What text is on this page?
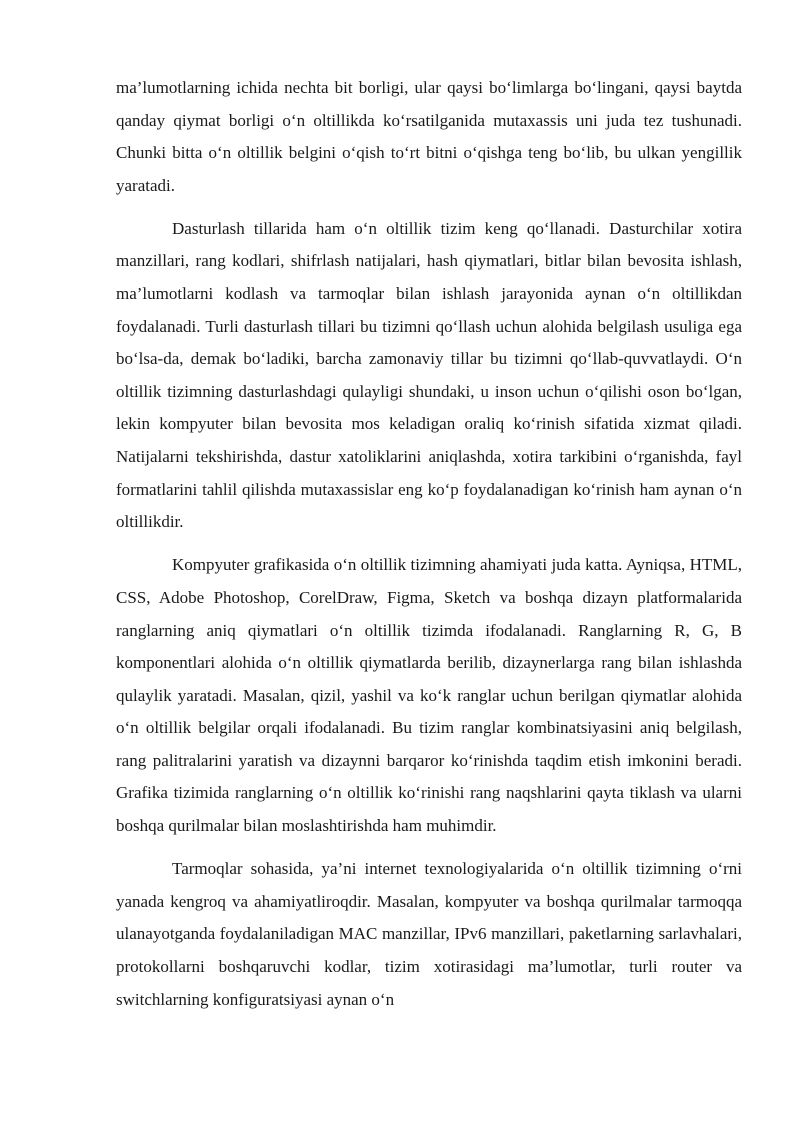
ma’lumotlarning ichida nechta bit borligi, ular qaysi bo‘limlarga bo‘lingani, qaysi baytda qanday qiymat borligi o‘n oltillikda ko‘rsatilganida mutaxassis uni juda tez tushunadi. Chunki bitta o‘n oltillik belgini o‘qish to‘rt bitni o‘qishga teng bo‘lib, bu ulkan yengillik yaratadi.

Dasturlash tillarida ham o‘n oltillik tizim keng qo‘llanadi. Dasturchilar xotira manzillari, rang kodlari, shifrlash natijalari, hash qiymatlari, bitlar bilan bevosita ishlash, ma’lumotlarni kodlash va tarmoqlar bilan ishlash jarayonida aynan o‘n oltillikdan foydalanadi. Turli dasturlash tillari bu tizimni qo‘llash uchun alohida belgilash usuliga ega bo‘lsa-da, demak bo‘ladiki, barcha zamonaviy tillar bu tizimni qo‘llab-quvvatlaydi. O‘n oltillik tizimning dasturlashdagi qulayligi shundaki, u inson uchun o‘qilishi oson bo‘lgan, lekin kompyuter bilan bevosita mos keladigan oraliq ko‘rinish sifatida xizmat qiladi. Natijalarni tekshirishda, dastur xatoliklarini aniqlashda, xotira tarkibini o‘rganishda, fayl formatlarini tahlil qilishda mutaxassislar eng ko‘p foydalanadigan ko‘rinish ham aynan o‘n oltillikdir.

Kompyuter grafikasida o‘n oltillik tizimning ahamiyati juda katta. Ayniqsa, HTML, CSS, Adobe Photoshop, CorelDraw, Figma, Sketch va boshqa dizayn platformalarida ranglarning aniq qiymatlari o‘n oltillik tizimda ifodalanadi. Ranglarning R, G, B komponentlari alohida o‘n oltillik qiymatlarda berilib, dizaynerlarga rang bilan ishlashda qulaylik yaratadi. Masalan, qizil, yashil va ko‘k ranglar uchun berilgan qiymatlar alohida o‘n oltillik belgilar orqali ifodalanadi. Bu tizim ranglar kombinatsiyasini aniq belgilash, rang palitralarini yaratish va dizaynni barqaror ko‘rinishda taqdim etish imkonini beradi. Grafika tizimida ranglarning o‘n oltillik ko‘rinishi rang naqshlarini qayta tiklash va ularni boshqa qurilmalar bilan moslashtirishda ham muhimdir.

Tarmoqlar sohasida, ya’ni internet texnologiyalarida o‘n oltillik tizimning o‘rni yanada kengroq va ahamiyatliroqdir. Masalan, kompyuter va boshqa qurilmalar tarmoqqa ulanayotganda foydalaniladigan MAC manzillar, IPv6 manzillari, paketlarning sarlavhalari, protokollarni boshqaruvchi kodlar, tizim xotirasidagi ma’lumotlar, turli router va switchlarning konfiguratsiyasi aynan o‘n
